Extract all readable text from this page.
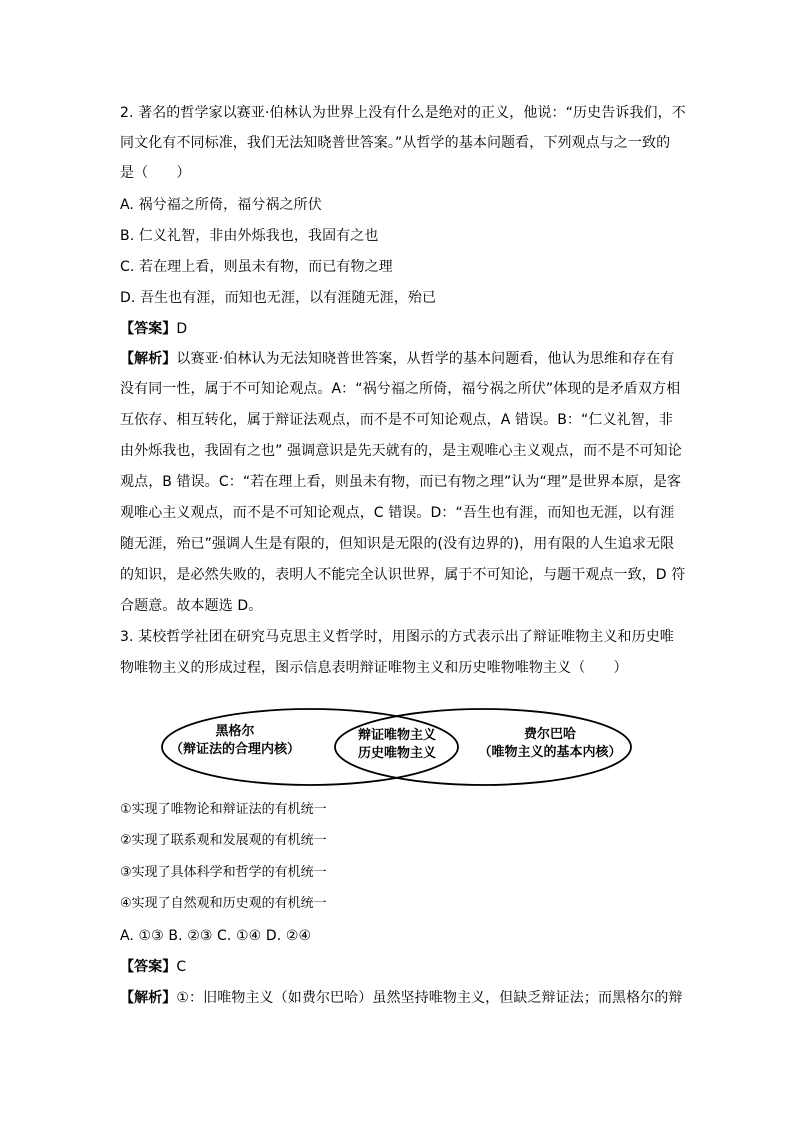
2. 著名的哲学家以赛亚·伯林认为世界上没有什么是绝对的正义，他说：“历史告诉我们，不
同文化有不同标准，我们无法知晓普世答案。”从哲学的基本问题看，下列观点与之一致的
是（　　）
A. 祸兮福之所倚，福兮祸之所伏
B. 仁义礼智，非由外烁我也，我固有之也
C. 若在理上看，则虽未有物，而已有物之理
D. 吾生也有涯，而知也无涯，以有涯随无涯，殆已
【答案】D
【解析】以赛亚·伯林认为无法知晓普世答案，从哲学的基本问题看，他认为思维和存在有
没有同一性，属于不可知论观点。A：“祸兮福之所倚，福兮祸之所伏”体现的是矛盾双方相
互依存、相互转化，属于辩证法观点，而不是不可知论观点，A 错误。B：“仁义礼智，非
由外烁我也，我固有之也” 强调意识是先天就有的，是主观唯心主义观点，而不是不可知论
观点，B 错误。C：“若在理上看，则虽未有物，而已有物之理”认为“理”是世界本原，是客
观唯心主义观点，而不是不可知论观点，C 错误。D：“吾生也有涯，而知也无涯，以有涯
随无涯，殆已”强调人生是有限的，但知识是无限的(没有边界的)，用有限的人生追求无限
的知识，是必然失败的，表明人不能完全认识世界，属于不可知论，与题干观点一致，D 符
合题意。故本题选 D。
3. 某校哲学社团在研究马克思主义哲学时，用图示的方式表示出了辩证唯物主义和历史唯
物唯物主义的形成过程，图示信息表明辩证唯物主义和历史唯物唯物主义（　　）
黑格尔
（辩证法的合理内核）
辩证唯物主义
历史唯物主义
费尔巴哈
（唯物主义的基本内核）
①实现了唯物论和辩证法的有机统一
②实现了联系观和发展观的有机统一
③实现了具体科学和哲学的有机统一
④实现了自然观和历史观的有机统一
A. ①③ B. ②③ C. ①④ D. ②④
【答案】C
【解析】①：旧唯物主义（如费尔巴哈）虽然坚持唯物主义，但缺乏辩证法；而黑格尔的辩
